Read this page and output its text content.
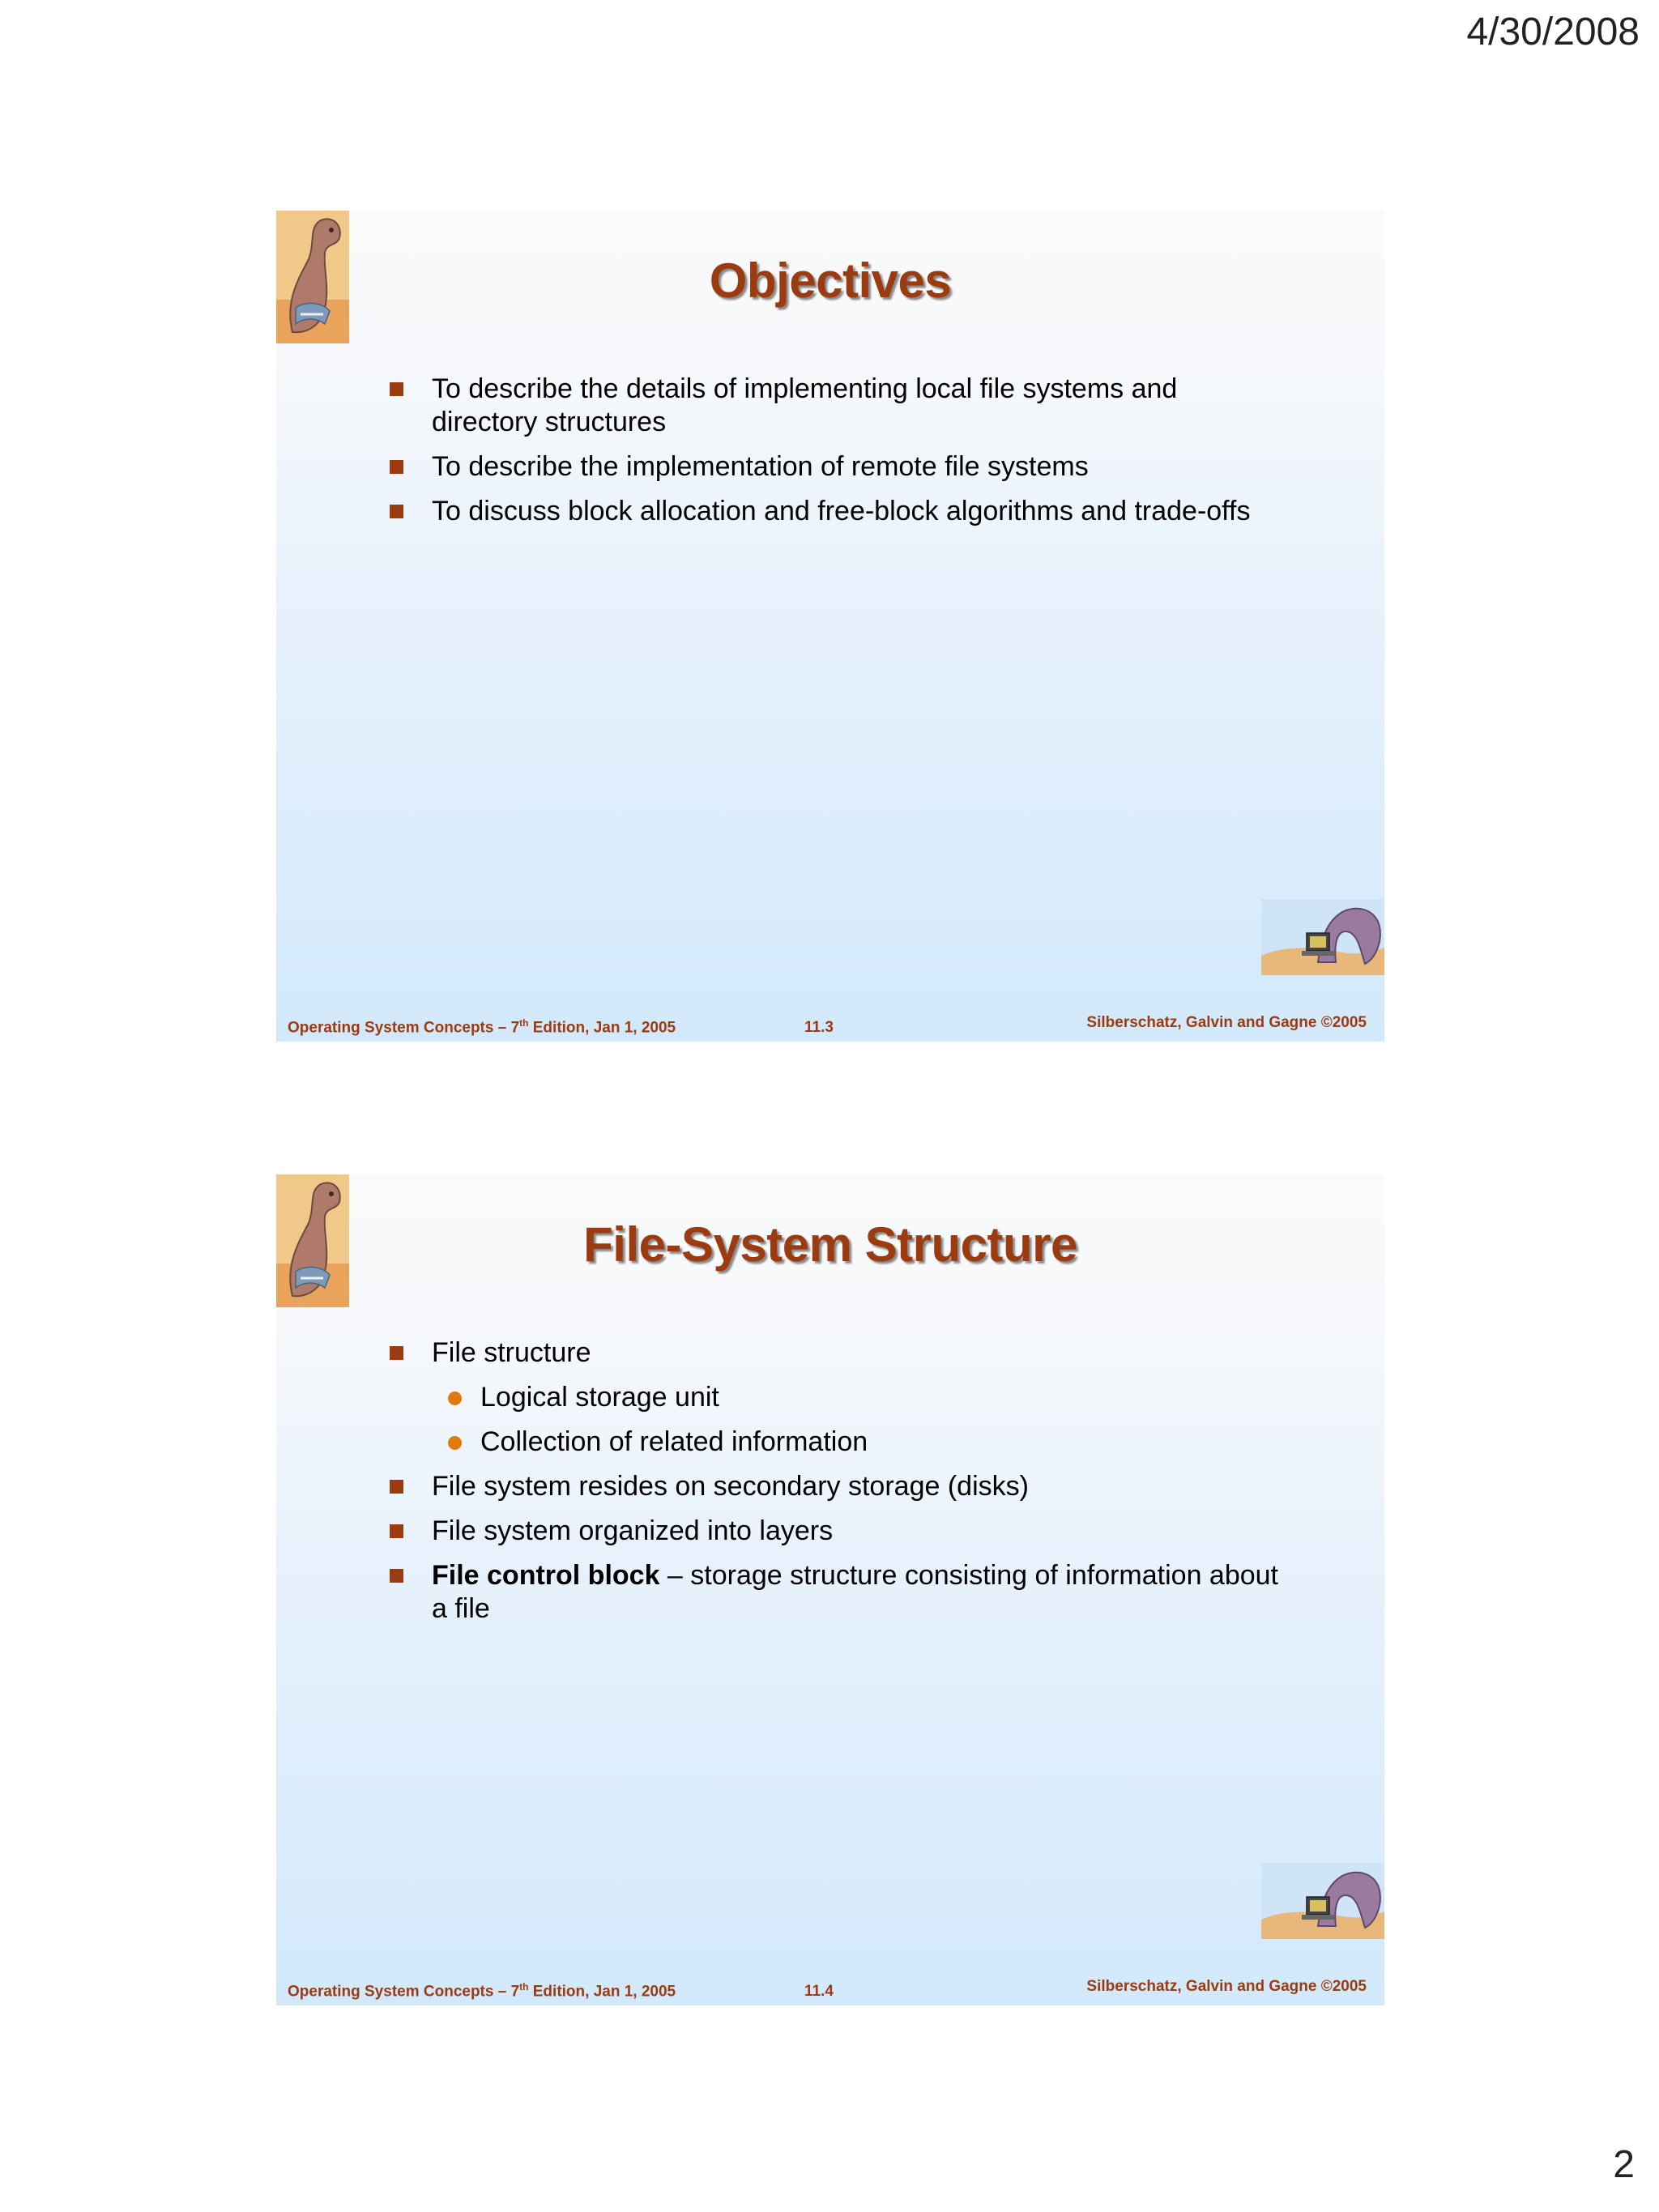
4/30/2008
Objectives
To describe the details of implementing local file systems and directory structures
To describe the implementation of remote file systems
To discuss block allocation and free-block algorithms and trade-offs
Operating System Concepts – 7th Edition, Jan 1, 2005	11.3	Silberschatz, Galvin and Gagne ©2005
File-System Structure
File structure
Logical storage unit
Collection of related information
File system resides on secondary storage (disks)
File system organized into layers
File control block – storage structure consisting of information about a file
Operating System Concepts – 7th Edition, Jan 1, 2005	11.4	Silberschatz, Galvin and Gagne ©2005
2
